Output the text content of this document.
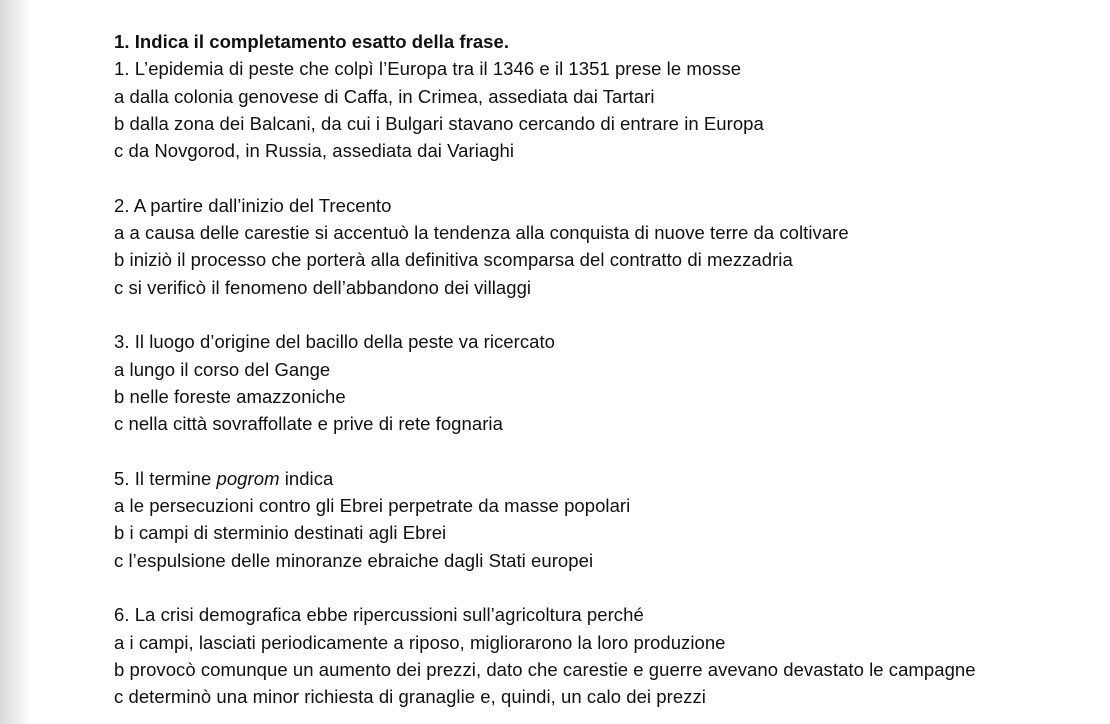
1. Indica il completamento esatto della frase.
1. L’epidemia di peste che colpì l’Europa tra il 1346 e il 1351 prese le mosse
a dalla colonia genovese di Caffa, in Crimea, assediata dai Tartari
b dalla zona dei Balcani, da cui i Bulgari stavano cercando di entrare in Europa
c da Novgorod, in Russia, assediata dai Variaghi
2. A partire dall’inizio del Trecento
a a causa delle carestie si accentuò la tendenza alla conquista di nuove terre da coltivare
b iniziò il processo che porterà alla definitiva scomparsa del contratto di mezzadria
c si verificò il fenomeno dell’abbandono dei villaggi
3. Il luogo d’origine del bacillo della peste va ricercato
a lungo il corso del Gange
b nelle foreste amazzoniche
c nella città sovraffollate e prive di rete fognaria
5. Il termine pogrom indica
a le persecuzioni contro gli Ebrei perpetrate da masse popolari
b i campi di sterminio destinati agli Ebrei
c l’espulsione delle minoranze ebraiche dagli Stati europei
6. La crisi demografica ebbe ripercussioni sull’agricoltura perché
a i campi, lasciati periodicamente a riposo, migliorarono la loro produzione
b provocò comunque un aumento dei prezzi, dato che carestie e guerre avevano devastato le campagne
c determinò una minor richiesta di granaglie e, quindi, un calo dei prezzi
